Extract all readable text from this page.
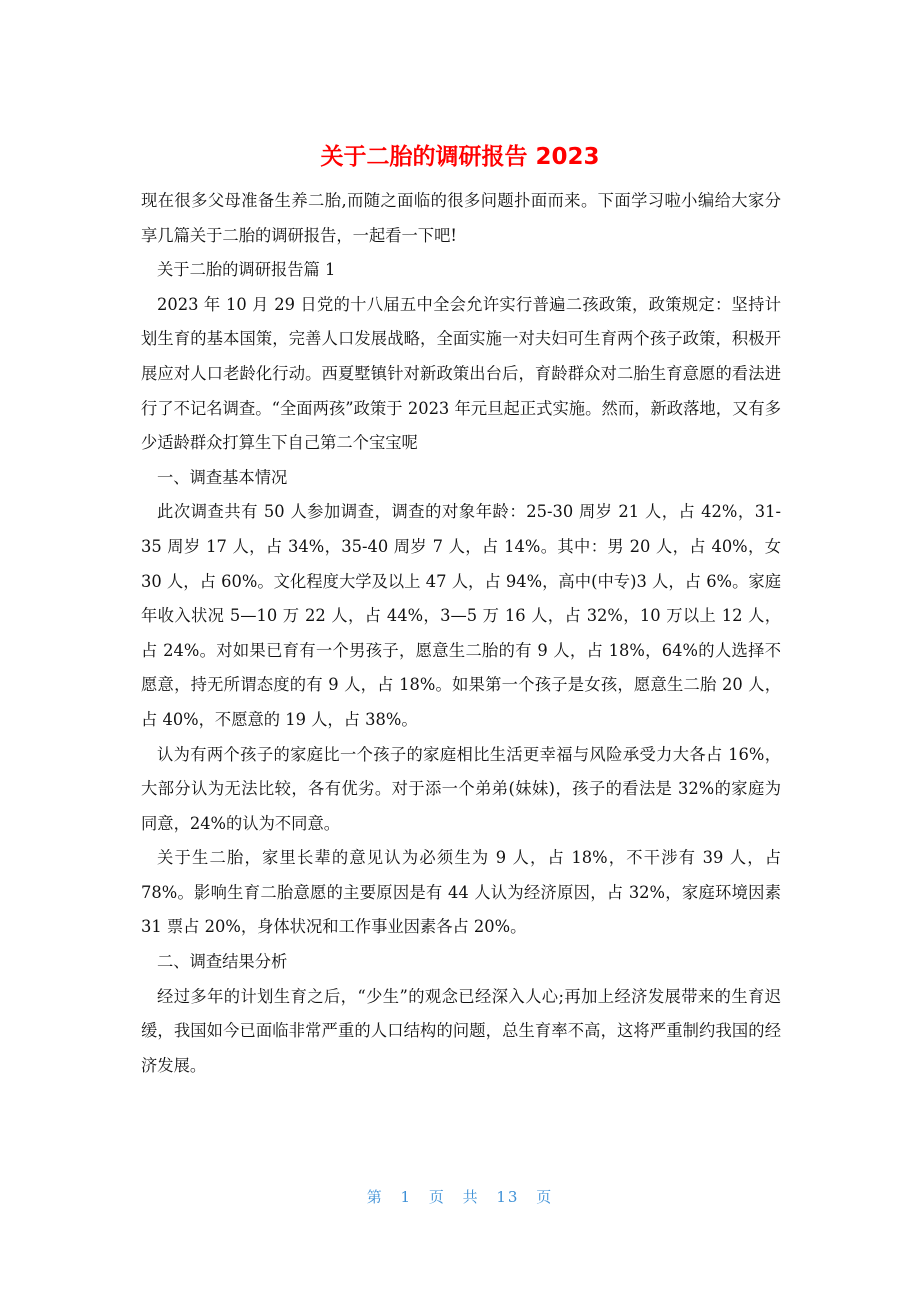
关于二胎的调研报告 2023

现在很多父母准备生养二胎,而随之面临的很多问题扑面而来。下面学习啦小编给大家分享几篇关于二胎的调研报告，一起看一下吧!

关于二胎的调研报告篇 1

2023 年 10 月 29 日党的十八届五中全会允许实行普遍二孩政策，政策规定：坚持计划生育的基本国策，完善人口发展战略，全面实施一对夫妇可生育两个孩子政策，积极开展应对人口老龄化行动。西夏墅镇针对新政策出台后，育龄群众对二胎生育意愿的看法进行了不记名调查。“全面两孩”政策于 2023 年元旦起正式实施。然而，新政落地，又有多少适龄群众打算生下自己第二个宝宝呢

一、调查基本情况

此次调查共有 50 人参加调查，调查的对象年龄：25-30 周岁 21 人，占 42%，31-35 周岁 17 人，占 34%，35-40 周岁 7 人，占 14%。其中：男 20 人，占 40%，女 30 人，占 60%。文化程度大学及以上 47 人，占 94%，高中(中专)3 人，占 6%。家庭年收入状况 5—10 万 22 人，占 44%，3—5 万 16 人，占 32%，10 万以上 12 人，占 24%。对如果已育有一个男孩子，愿意生二胎的有 9 人，占 18%，64%的人选择不愿意，持无所谓态度的有 9 人，占 18%。如果第一个孩子是女孩，愿意生二胎 20 人，占 40%，不愿意的 19 人，占 38%。

认为有两个孩子的家庭比一个孩子的家庭相比生活更幸福与风险承受力大各占 16%，大部分认为无法比较，各有优劣。对于添一个弟弟(妹妹)，孩子的看法是 32%的家庭为同意，24%的认为不同意。

关于生二胎，家里长辈的意见认为必须生为 9 人，占 18%，不干涉有 39 人，占 78%。影响生育二胎意愿的主要原因是有 44 人认为经济原因，占 32%，家庭环境因素 31 票占 20%，身体状况和工作事业因素各占 20%。

二、调查结果分析

经过多年的计划生育之后，“少生”的观念已经深入人心;再加上经济发展带来的生育迟缓，我国如今已面临非常严重的人口结构的问题，总生育率不高，这将严重制约我国的经济发展。

第 1 页 共 13 页
